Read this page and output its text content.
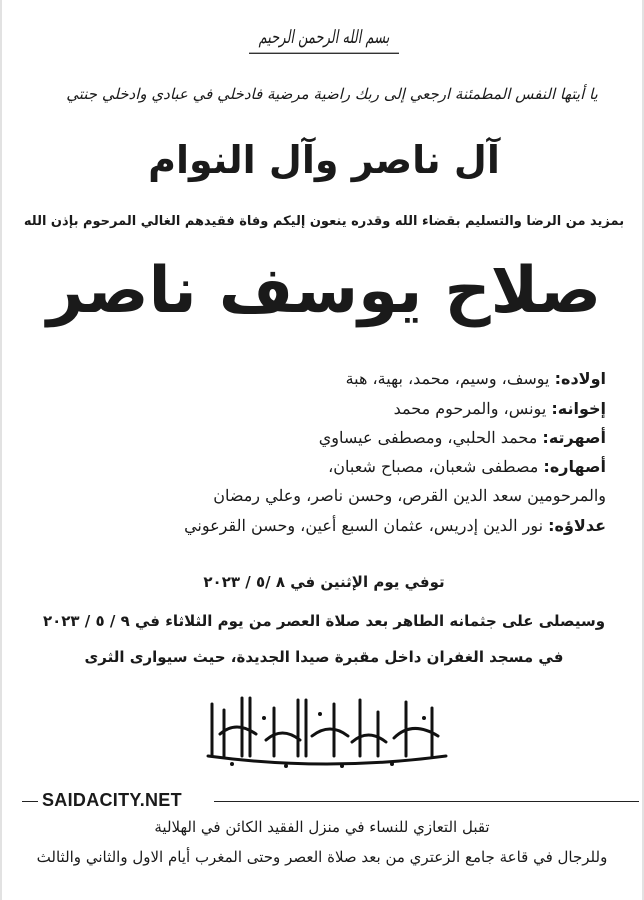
بسم الله الرحمن الرحيم
يا أيتها النفس المطمئنة ارجعي إلى ربك راضية مرضية فادخلي في عبادي وادخلي جنتي
آل ناصر وآل النوام
بمزيد من الرضا والتسليم بقضاء الله وقدره ينعون إليكم وفاة فقيدهم الغالي المرحوم بإذن الله
صلاح يوسف ناصر
اولاده: يوسف، وسيم، محمد، بهية، هبة
إخوانه: يونس، والمرحوم محمد
أصهرته: محمد الحلبي، ومصطفى عيساوي
أصهاره: مصطفى شعبان، مصباح شعبان،
والمرحومين سعد الدين القرص، وحسن ناصر، وعلي رمضان
عدلاؤه: نور الدين إدريس، عثمان السبع أعين، وحسن القرعوني
توفي يوم الإثنين في ٨ /٥ / ٢٠٢٣
وسيصلى على جثمانه الطاهر بعد صلاة العصر من يوم الثلاثاء في ٩ / ٥ / ٢٠٢٣
في مسجد الغفران داخل مقبرة صيدا الجديدة، حيث سيوارى الثرى
SAIDACITY.NET
تقبل التعازي للنساء في منزل الفقيد الكائن في الهلالية
وللرجال في قاعة جامع الزعتري من بعد صلاة العصر وحتى المغرب أيام الاول والثاني والثالث
